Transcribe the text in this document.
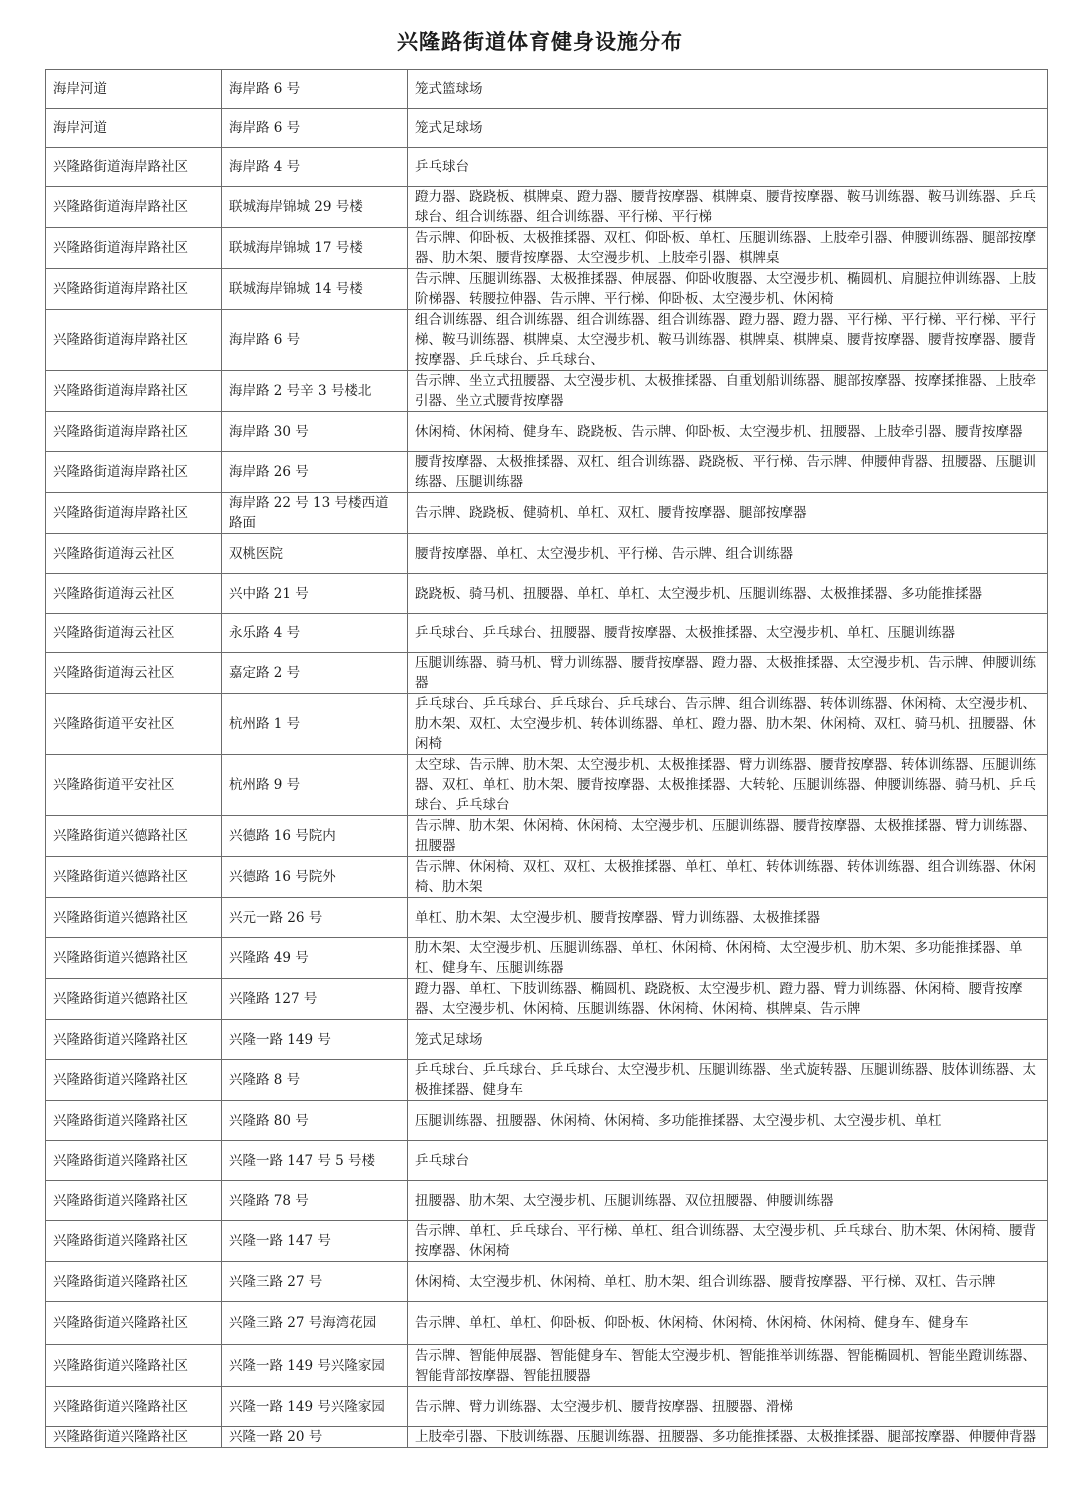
兴隆路街道体育健身设施分布
海岸河道	海岸路 6 号	笼式篮球场
海岸河道	海岸路 6 号	笼式足球场
兴隆路街道海岸路社区	海岸路 4 号	乒乓球台
兴隆路街道海岸路社区	联城海岸锦城 29 号楼	蹬力器、跷跷板、棋牌桌、蹬力器、腰背按摩器、棋牌桌、腰背按摩器、鞍马训练器、鞍马训练器、乒乓球台、组合训练器、组合训练器、平行梯、平行梯
兴隆路街道海岸路社区	联城海岸锦城 17 号楼	告示牌、仰卧板、太极推揉器、双杠、仰卧板、单杠、压腿训练器、上肢牵引器、伸腰训练器、腿部按摩器、肋木架、腰背按摩器、太空漫步机、上肢牵引器、棋牌桌
兴隆路街道海岸路社区	联城海岸锦城 14 号楼	告示牌、压腿训练器、太极推揉器、伸展器、仰卧收腹器、太空漫步机、椭圆机、肩腿拉伸训练器、上肢阶梯器、转腰拉伸器、告示牌、平行梯、仰卧板、太空漫步机、休闲椅
兴隆路街道海岸路社区	海岸路 6 号	组合训练器、组合训练器、组合训练器、组合训练器、蹬力器、蹬力器、平行梯、平行梯、平行梯、平行梯、鞍马训练器、棋牌桌、太空漫步机、鞍马训练器、棋牌桌、棋牌桌、腰背按摩器、腰背按摩器、腰背按摩器、乒乓球台、乒乓球台、
兴隆路街道海岸路社区	海岸路 2 号辛 3 号楼北	告示牌、坐立式扭腰器、太空漫步机、太极推揉器、自重划船训练器、腿部按摩器、按摩揉推器、上肢牵引器、坐立式腰背按摩器
兴隆路街道海岸路社区	海岸路 30 号	休闲椅、休闲椅、健身车、跷跷板、告示牌、仰卧板、太空漫步机、扭腰器、上肢牵引器、腰背按摩器
兴隆路街道海岸路社区	海岸路 26 号	腰背按摩器、太极推揉器、双杠、组合训练器、跷跷板、平行梯、告示牌、伸腰伸背器、扭腰器、压腿训练器、压腿训练器
兴隆路街道海岸路社区	海岸路 22 号 13 号楼西道路面	告示牌、跷跷板、健骑机、单杠、双杠、腰背按摩器、腿部按摩器
兴隆路街道海云社区	双桃医院	腰背按摩器、单杠、太空漫步机、平行梯、告示牌、组合训练器
兴隆路街道海云社区	兴中路 21 号	跷跷板、骑马机、扭腰器、单杠、单杠、太空漫步机、压腿训练器、太极推揉器、多功能推揉器
兴隆路街道海云社区	永乐路 4 号	乒乓球台、乒乓球台、扭腰器、腰背按摩器、太极推揉器、太空漫步机、单杠、压腿训练器
兴隆路街道海云社区	嘉定路 2 号	压腿训练器、骑马机、臂力训练器、腰背按摩器、蹬力器、太极推揉器、太空漫步机、告示牌、伸腰训练器
兴隆路街道平安社区	杭州路 1 号	乒乓球台、乒乓球台、乒乓球台、乒乓球台、告示牌、组合训练器、转体训练器、休闲椅、太空漫步机、肋木架、双杠、太空漫步机、转体训练器、单杠、蹬力器、肋木架、休闲椅、双杠、骑马机、扭腰器、休闲椅
兴隆路街道平安社区	杭州路 9 号	太空球、告示牌、肋木架、太空漫步机、太极推揉器、臂力训练器、腰背按摩器、转体训练器、压腿训练器、双杠、单杠、肋木架、腰背按摩器、太极推揉器、大转轮、压腿训练器、伸腰训练器、骑马机、乒乓球台、乒乓球台
兴隆路街道兴德路社区	兴德路 16 号院内	告示牌、肋木架、休闲椅、休闲椅、太空漫步机、压腿训练器、腰背按摩器、太极推揉器、臂力训练器、扭腰器
兴隆路街道兴德路社区	兴德路 16 号院外	告示牌、休闲椅、双杠、双杠、太极推揉器、单杠、单杠、转体训练器、转体训练器、组合训练器、休闲椅、肋木架
兴隆路街道兴德路社区	兴元一路 26 号	单杠、肋木架、太空漫步机、腰背按摩器、臂力训练器、太极推揉器
兴隆路街道兴德路社区	兴隆路 49 号	肋木架、太空漫步机、压腿训练器、单杠、休闲椅、休闲椅、太空漫步机、肋木架、多功能推揉器、单杠、健身车、压腿训练器
兴隆路街道兴德路社区	兴隆路 127 号	蹬力器、单杠、下肢训练器、椭圆机、跷跷板、太空漫步机、蹬力器、臂力训练器、休闲椅、腰背按摩器、太空漫步机、休闲椅、压腿训练器、休闲椅、休闲椅、棋牌桌、告示牌
兴隆路街道兴隆路社区	兴隆一路 149 号	笼式足球场
兴隆路街道兴隆路社区	兴隆路 8 号	乒乓球台、乒乓球台、乒乓球台、太空漫步机、压腿训练器、坐式旋转器、压腿训练器、肢体训练器、太极推揉器、健身车
兴隆路街道兴隆路社区	兴隆路 80 号	压腿训练器、扭腰器、休闲椅、休闲椅、多功能推揉器、太空漫步机、太空漫步机、单杠
兴隆路街道兴隆路社区	兴隆一路 147 号 5 号楼	乒乓球台
兴隆路街道兴隆路社区	兴隆路 78 号	扭腰器、肋木架、太空漫步机、压腿训练器、双位扭腰器、伸腰训练器
兴隆路街道兴隆路社区	兴隆一路 147 号	告示牌、单杠、乒乓球台、平行梯、单杠、组合训练器、太空漫步机、乒乓球台、肋木架、休闲椅、腰背按摩器、休闲椅
兴隆路街道兴隆路社区	兴隆三路 27 号	休闲椅、太空漫步机、休闲椅、单杠、肋木架、组合训练器、腰背按摩器、平行梯、双杠、告示牌
兴隆路街道兴隆路社区	兴隆三路 27 号海湾花园	告示牌、单杠、单杠、仰卧板、仰卧板、休闲椅、休闲椅、休闲椅、休闲椅、健身车、健身车
兴隆路街道兴隆路社区	兴隆一路 149 号兴隆家园	告示牌、智能伸展器、智能健身车、智能太空漫步机、智能推举训练器、智能椭圆机、智能坐蹬训练器、智能背部按摩器、智能扭腰器
兴隆路街道兴隆路社区	兴隆一路 149 号兴隆家园	告示牌、臂力训练器、太空漫步机、腰背按摩器、扭腰器、滑梯
兴隆路街道兴隆路社区	兴隆一路 20 号	上肢牵引器、下肢训练器、压腿训练器、扭腰器、多功能推揉器、太极推揉器、腿部按摩器、伸腰伸背器
